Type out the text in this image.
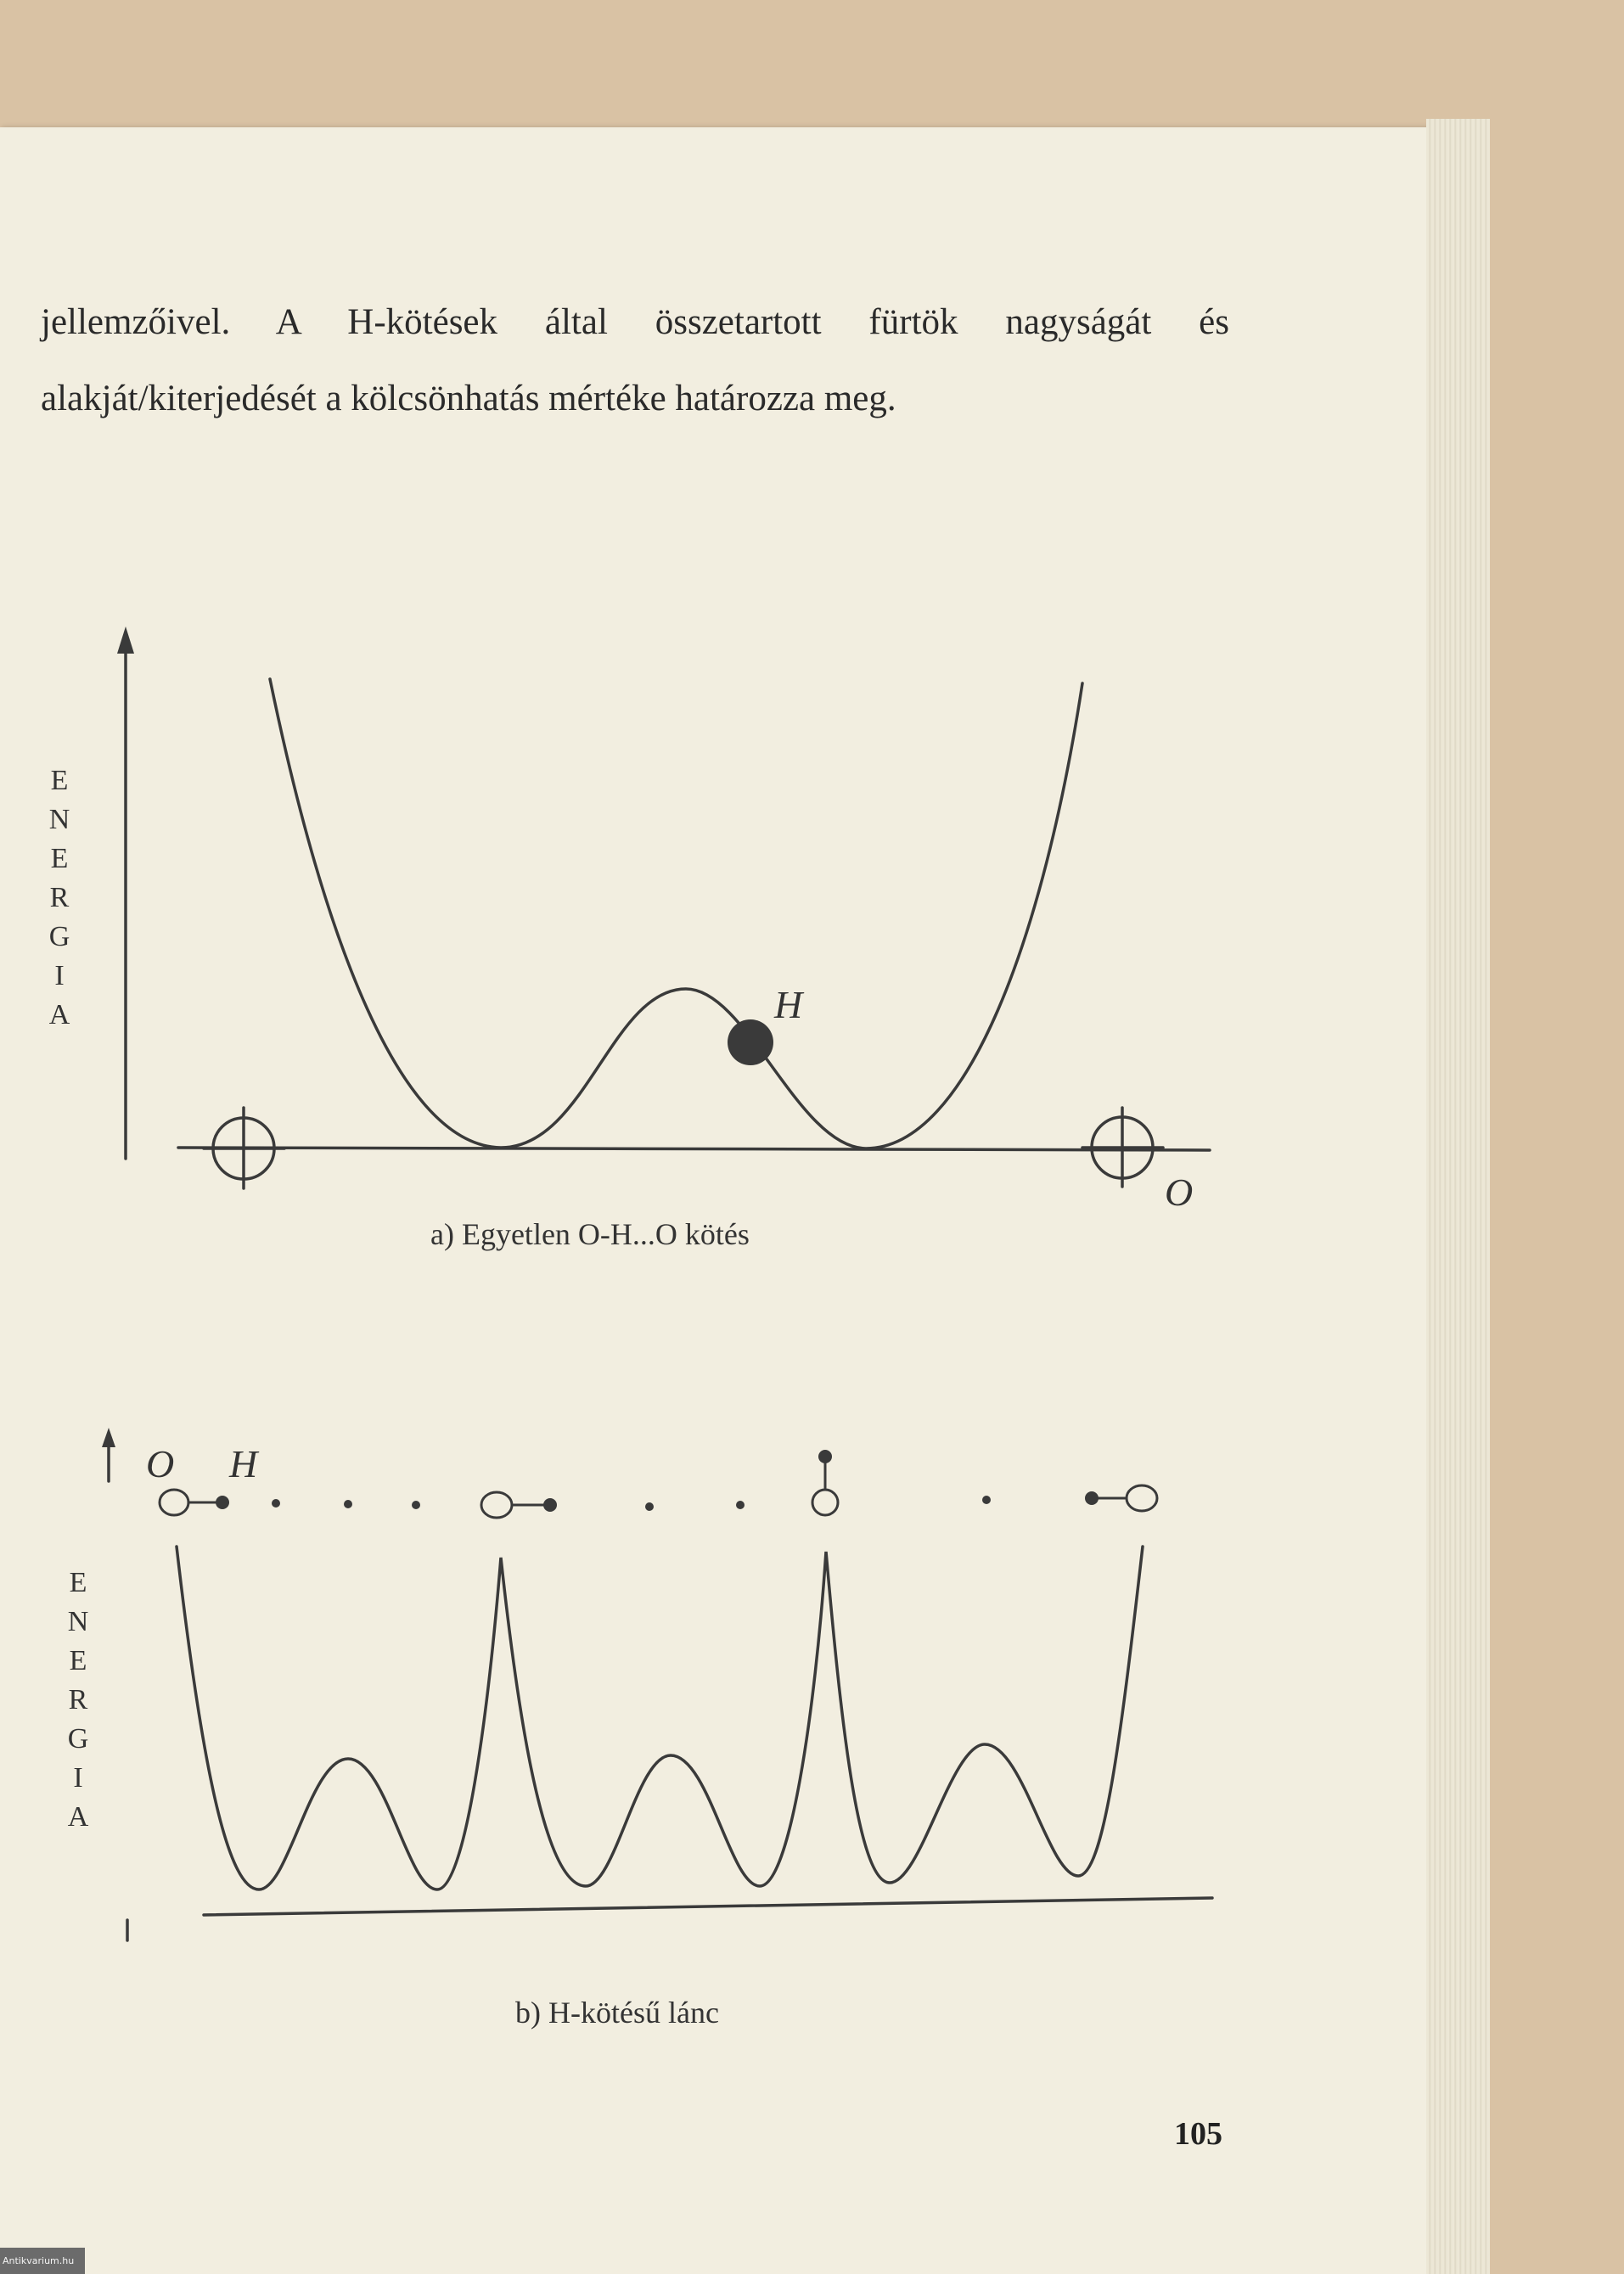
jellemzőivel. A H-kötések által összetartott fürtök nagyságát és

alakját/kiterjedését a kölcsönhatás mértéke határozza meg.

E
N
E
R
G
I
A
E
N
E
R
G
I
A
H
O
a) Egyetlen O-H...O kötés
O H
b) H-kötésű lánc
105
Antikvarium.hu
